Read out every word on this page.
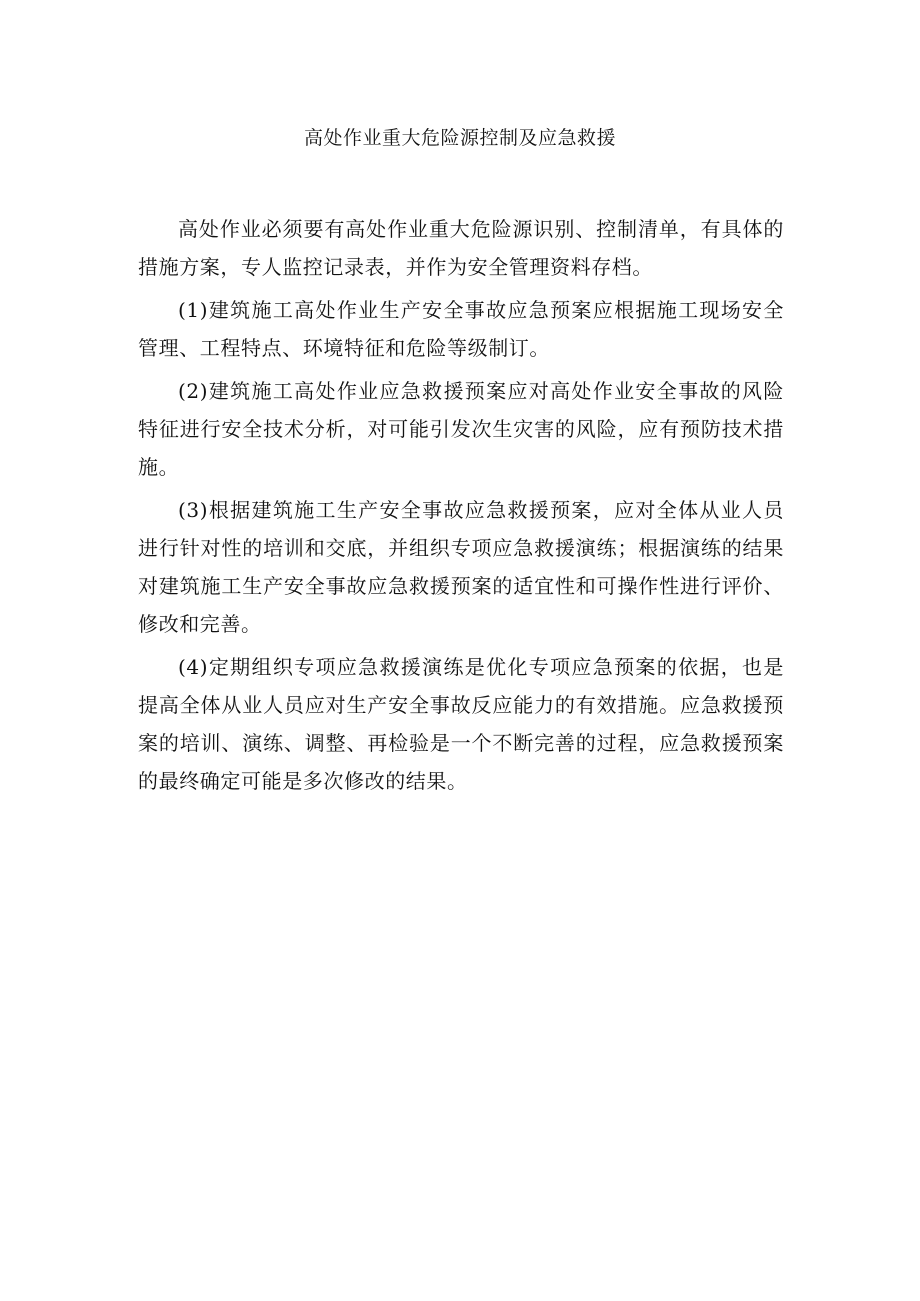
高处作业重大危险源控制及应急救援

高处作业必须要有高处作业重大危险源识别、控制清单，有具体的措施方案，专人监控记录表，并作为安全管理资料存档。

(1)建筑施工高处作业生产安全事故应急预案应根据施工现场安全管理、工程特点、环境特征和危险等级制订。

(2)建筑施工高处作业应急救援预案应对高处作业安全事故的风险特征进行安全技术分析，对可能引发次生灾害的风险，应有预防技术措施。

(3)根据建筑施工生产安全事故应急救援预案，应对全体从业人员进行针对性的培训和交底，并组织专项应急救援演练；根据演练的结果对建筑施工生产安全事故应急救援预案的适宜性和可操作性进行评价、修改和完善。

(4)定期组织专项应急救援演练是优化专项应急预案的依据，也是提高全体从业人员应对生产安全事故反应能力的有效措施。应急救援预案的培训、演练、调整、再检验是一个不断完善的过程，应急救援预案的最终确定可能是多次修改的结果。
